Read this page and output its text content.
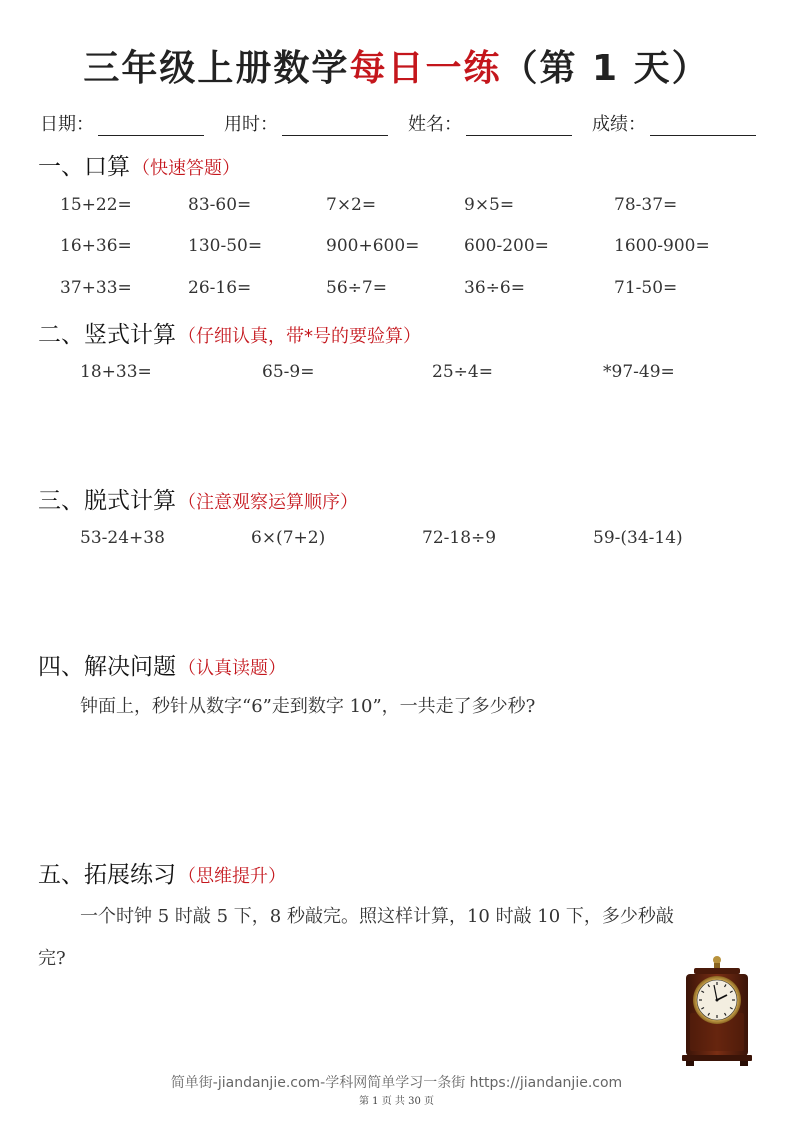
三年级上册数学每日一练（第 1 天）
日期：	用时：	姓名：	成绩：
一、口算 （快速答题）
15+22=	83-60=	7×2=	9×5=	78-37=
16+36=	130-50=	900+600=	600-200=	1600-900=
37+33=	26-16=	56÷7=	36÷6=	71-50=
二、竖式计算 （仔细认真，带*号的要验算）
18+33=	65-9=	25÷4=	*97-49=
三、脱式计算 （注意观察运算顺序）
53-24+38	6×(7+2)	72-18÷9	59-(34-14)
四、解决问题 （认真读题）
钟面上，秒针从数字“6”走到数字 10”，一共走了多少秒?
五、拓展练习 （思维提升）
一个时钟 5 时敲 5 下，8 秒敲完。照这样计算，10 时敲 10 下，多少秒敲
完?
简单街-jiandanjie.com-学科网简单学习一条街 https://jiandanjie.com
第 1 页 共 30 页
